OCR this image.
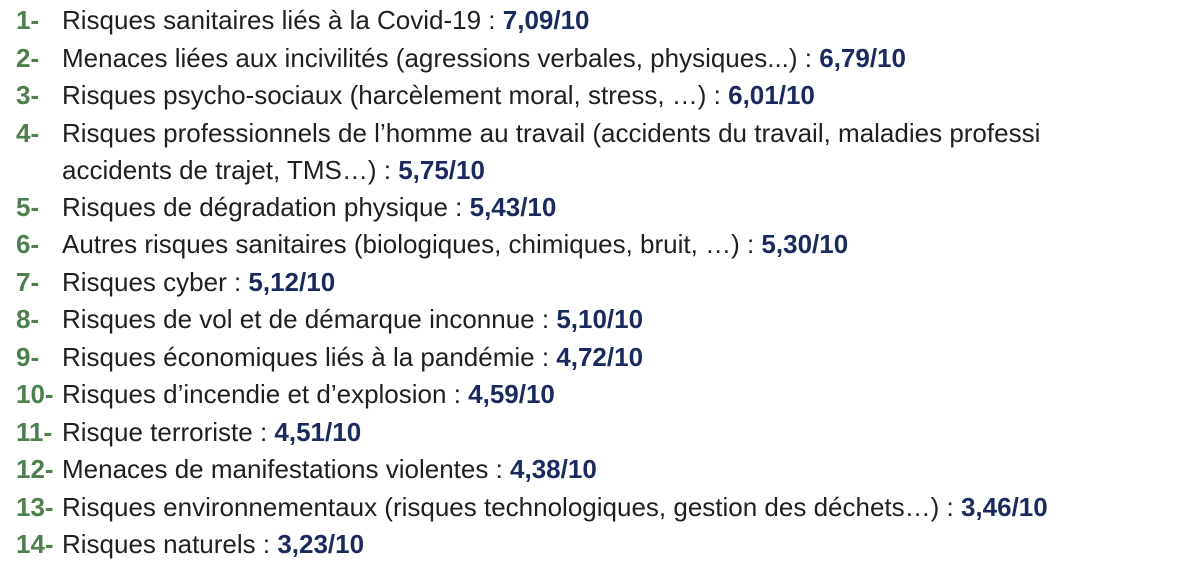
1- Risques sanitaires liés à la Covid-19 : 7,09/10
2- Menaces liées aux incivilités (agressions verbales, physiques...) : 6,79/10
3- Risques psycho-sociaux (harcèlement moral, stress, …) : 6,01/10
4- Risques professionnels de l’homme au travail (accidents du travail, maladies professi
accidents de trajet, TMS…) : 5,75/10
5- Risques de dégradation physique : 5,43/10
6- Autres risques sanitaires (biologiques, chimiques, bruit, …) : 5,30/10
7- Risques cyber : 5,12/10
8- Risques de vol et de démarque inconnue : 5,10/10
9- Risques économiques liés à la pandémie : 4,72/10
10- Risques d’incendie et d’explosion : 4,59/10
11- Risque terroriste : 4,51/10
12- Menaces de manifestations violentes : 4,38/10
13- Risques environnementaux (risques technologiques, gestion des déchets…) : 3,46/10
14- Risques naturels : 3,23/10
